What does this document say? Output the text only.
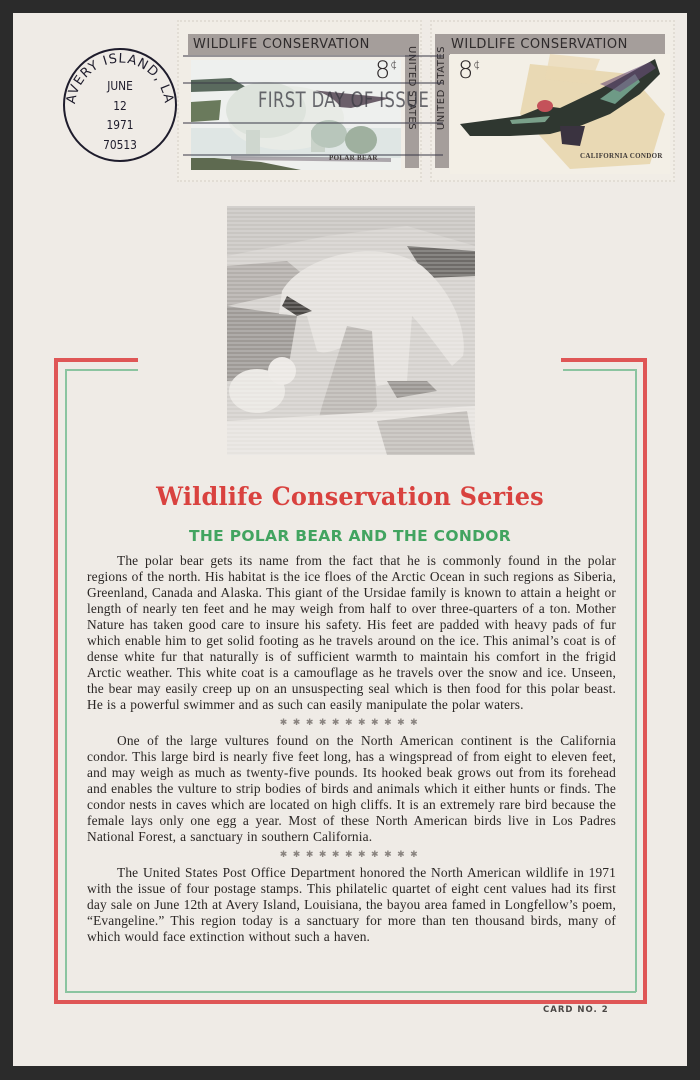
WILDLIFE CONSERVATION
UNITED STATES
8¢
POLAR BEAR
WILDLIFE CONSERVATION
UNITED STATES 8¢
CALIFORNIA CONDOR
FIRST DAY OF ISSUE
AVERY ISLAND, LA
JUNE
12
1971
70513
Wildlife Conservation Series
THE POLAR BEAR AND THE CONDOR

The polar bear gets its name from the fact that he is commonly found in the polar regions of the north. His habitat is the ice floes of the Arctic Ocean in such regions as Siberia, Greenland, Canada and Alaska. This giant of the Ursidae family is known to attain a height or length of nearly ten feet and he may weigh from half to over three-quarters of a ton. Mother Nature has taken good care to insure his safety. His feet are padded with heavy pads of fur which enable him to get solid footing as he travels around on the ice. This animal’s coat is of dense white fur that naturally is of sufficient warmth to maintain his comfort in the frigid Arctic weather. This white coat is a camouflage as he travels over the snow and ice. Unseen, the bear may easily creep up on an unsuspecting seal which is then food for this polar beast. He is a powerful swimmer and as such can easily manipulate the polar waters.

✱✱✱✱✱✱✱✱✱✱✱

One of the large vultures found on the North American continent is the California condor. This large bird is nearly five feet long, has a wingspread of from eight to eleven feet, and may weigh as much as twenty-five pounds. Its hooked beak grows out from its forehead and enables the vulture to strip bodies of birds and animals which it either hunts or finds. The condor nests in caves which are located on high cliffs. It is an extremely rare bird because the female lays only one egg a year. Most of these North American birds live in Los Padres National Forest, a sanctuary in southern California.

✱✱✱✱✱✱✱✱✱✱✱

The United States Post Office Department honored the North American wildlife in 1971 with the issue of four postage stamps. This philatelic quartet of eight cent values had its first day sale on June 12th at Avery Island, Louisiana, the bayou area famed in Longfellow’s poem, “Evangeline.” This region today is a sanctuary for more than ten thousand birds, many of which would face extinction without such a haven.

CARD NO. 2
